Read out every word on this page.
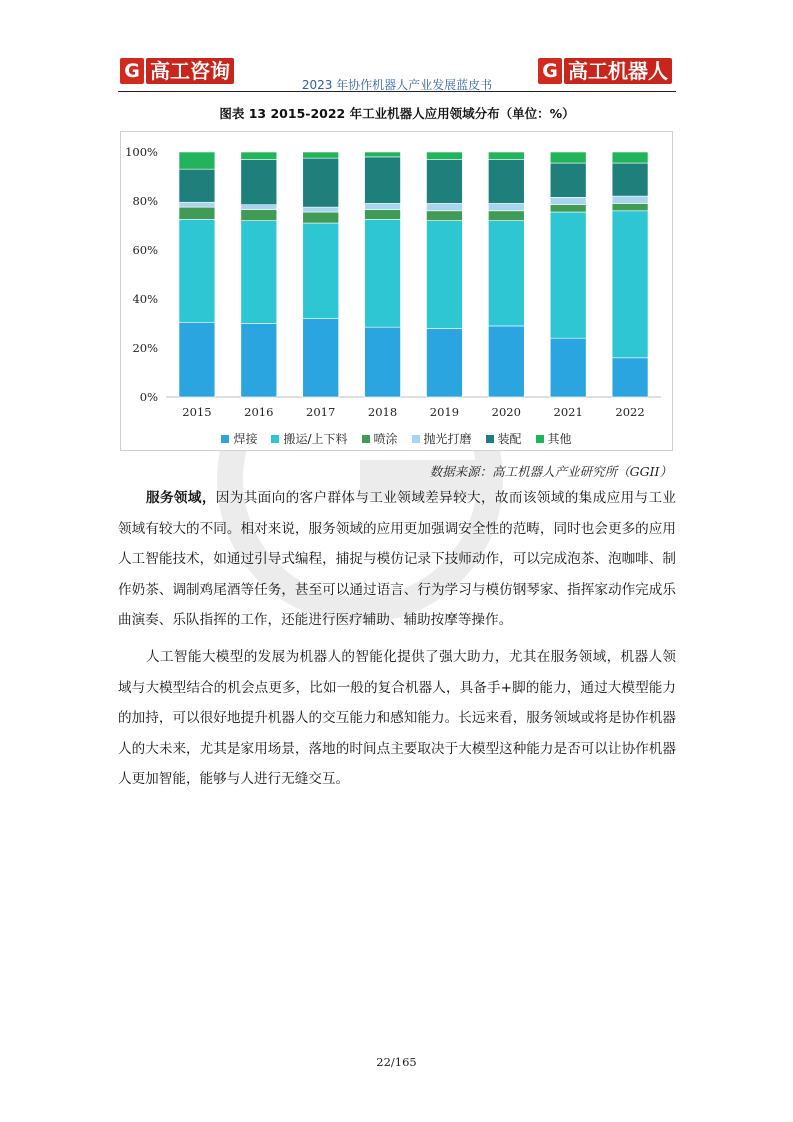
G 高工咨询
2023 年协作机器人产业发展蓝皮书
G 高工机器人
图表 13 2015-2022 年工业机器人应用领域分布（单位：%）
0%
20%
40%
60%
80%
100%
2015	2016	2017	2018	2019	2020	2021	2022
焊接 搬运/上下料 喷涂 抛光打磨 装配 其他
数据来源：高工机器人产业研究所（GGII）
服务领域，因为其面向的客户群体与工业领域差异较大，故而该领域的集成应用与工业领域有较大的不同。相对来说，服务领域的应用更加强调安全性的范畴，同时也会更多的应用人工智能技术，如通过引导式编程，捕捉与模仿记录下技师动作，可以完成泡茶、泡咖啡、制作奶茶、调制鸡尾酒等任务，甚至可以通过语言、行为学习与模仿钢琴家、指挥家动作完成乐曲演奏、乐队指挥的工作，还能进行医疗辅助、辅助按摩等操作。
人工智能大模型的发展为机器人的智能化提供了强大助力，尤其在服务领域，机器人领域与大模型结合的机会点更多，比如一般的复合机器人，具备手+脚的能力，通过大模型能力的加持，可以很好地提升机器人的交互能力和感知能力。长远来看，服务领域或将是协作机器人的大未来，尤其是家用场景，落地的时间点主要取决于大模型这种能力是否可以让协作机器人更加智能，能够与人进行无缝交互。
22/165
